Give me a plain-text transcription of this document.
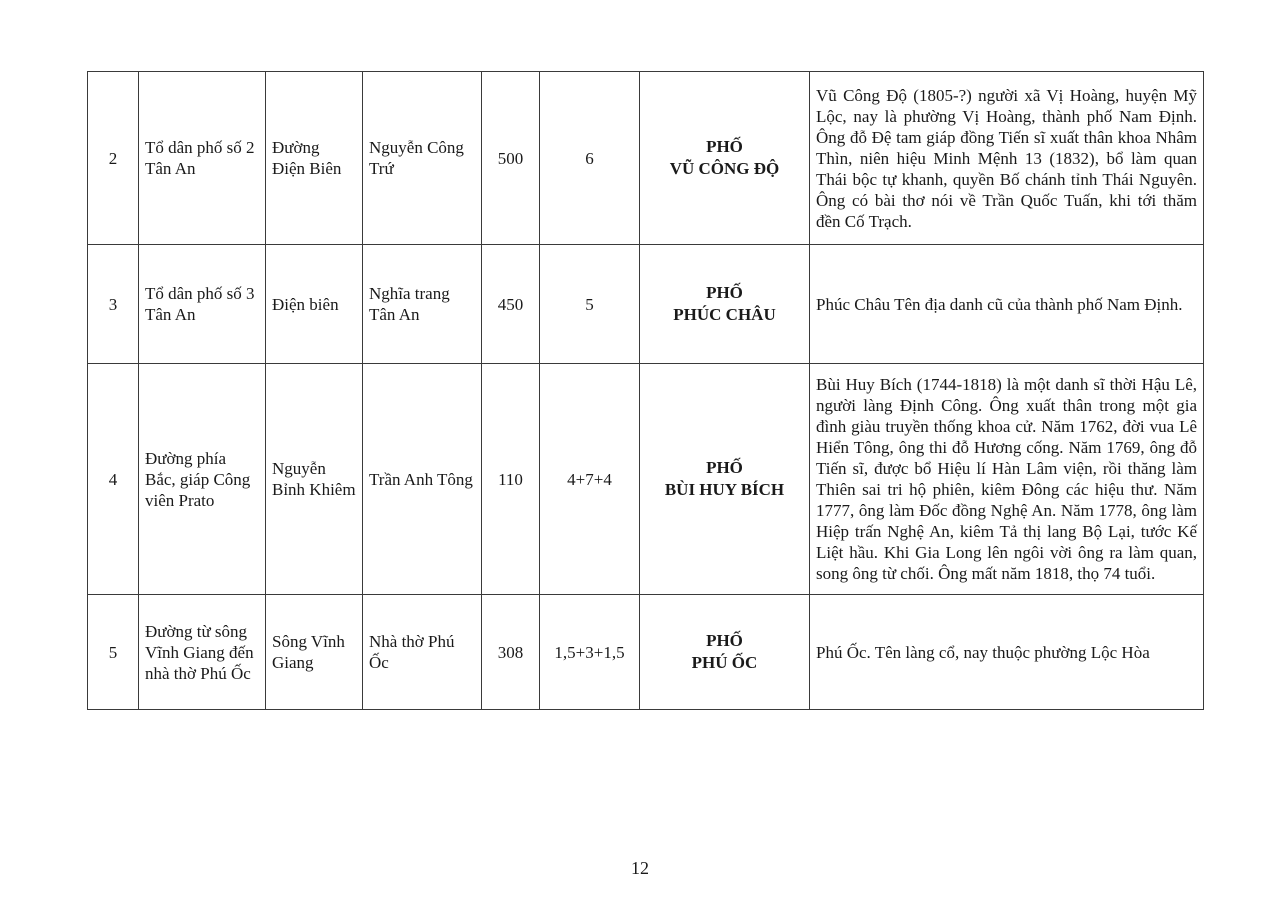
2	Tổ dân phố số 2 Tân An	Đường Điện Biên	Nguyễn Công Trứ	500	6	PHỐ
VŨ CÔNG ĐỘ	Vũ Công Độ (1805-?) người xã Vị Hoàng, huyện Mỹ Lộc, nay là phường Vị Hoàng, thành phố Nam Định. Ông đỗ Đệ tam giáp đồng Tiến sĩ xuất thân khoa Nhâm Thìn, niên hiệu Minh Mệnh 13 (1832), bổ làm quan Thái bộc tự khanh, quyền Bố chánh tỉnh Thái Nguyên. Ông có bài thơ nói về Trần Quốc Tuấn, khi tới thăm đền Cố Trạch.
3	Tổ dân phố số 3 Tân An	Điện biên	Nghĩa trang Tân An	450	5	PHỐ
PHÚC CHÂU	Phúc Châu Tên địa danh cũ của thành phố Nam Định.
4	Đường phía Bắc, giáp Công viên Prato	Nguyễn Bỉnh Khiêm	Trần Anh Tông	110	4+7+4	PHỐ
BÙI HUY BÍCH	Bùi Huy Bích (1744-1818) là một danh sĩ thời Hậu Lê, người làng Định Công. Ông xuất thân trong một gia đình giàu truyền thống khoa cử. Năm 1762, đời vua Lê Hiển Tông, ông thi đỗ Hương cống. Năm 1769, ông đỗ Tiến sĩ, được bổ Hiệu lí Hàn Lâm viện, rồi thăng làm Thiên sai tri hộ phiên, kiêm Đông các hiệu thư. Năm 1777, ông làm Đốc đồng Nghệ An. Năm 1778, ông làm Hiệp trấn Nghệ An, kiêm Tả thị lang Bộ Lại, tước Kế Liệt hầu. Khi Gia Long lên ngôi vời ông ra làm quan, song ông từ chối. Ông mất năm 1818, thọ 74 tuổi.
5	Đường từ sông Vĩnh Giang đến nhà thờ Phú Ốc	Sông Vĩnh Giang	Nhà thờ Phú Ốc	308	1,5+3+1,5	PHỐ
PHÚ ỐC	Phú Ốc. Tên làng cổ, nay thuộc phường Lộc Hòa
12
